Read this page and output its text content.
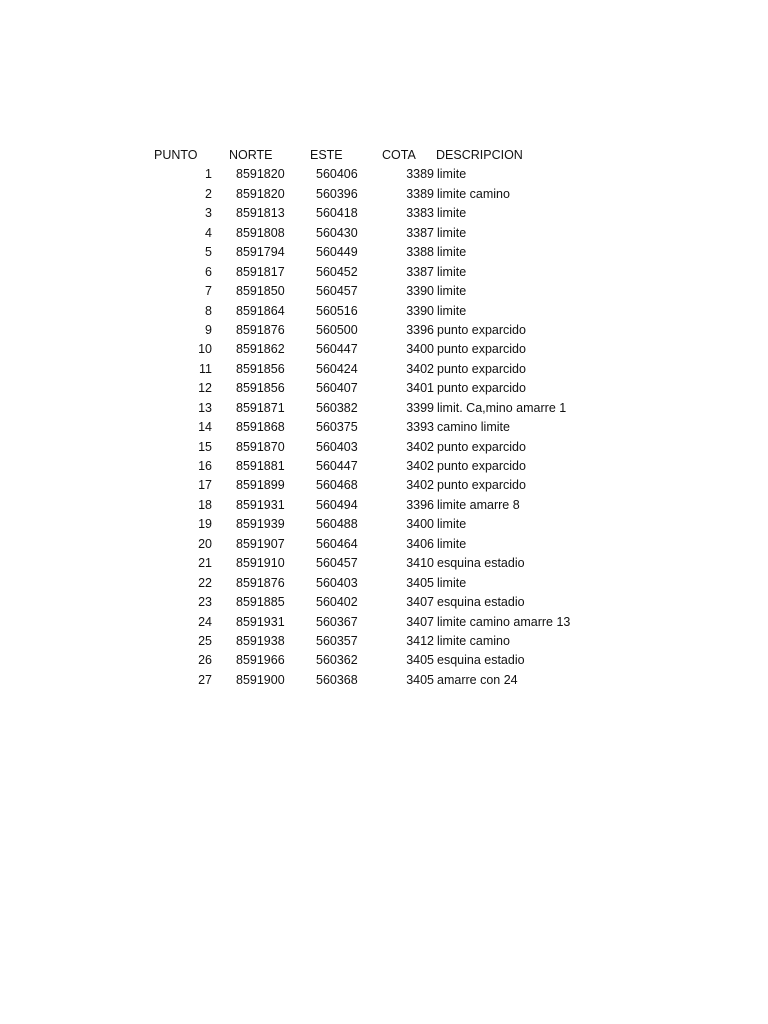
PUNTO	NORTE	ESTE	COTA DESCRIPCION
1 8591820	560406	3389 limite
2 8591820	560396	3389 limite camino
3 8591813	560418	3383 limite
4 8591808	560430	3387 limite
5 8591794	560449	3388 limite
6 8591817	560452	3387 limite
7 8591850	560457	3390 limite
8 8591864	560516	3390 limite
9 8591876	560500	3396 punto exparcido
10 8591862	560447	3400 punto exparcido
11 8591856	560424	3402 punto exparcido
12 8591856	560407	3401 punto exparcido
13 8591871	560382	3399 limit. Ca,mino amarre 1
14 8591868	560375	3393 camino limite
15 8591870	560403	3402 punto exparcido
16 8591881	560447	3402 punto exparcido
17 8591899	560468	3402 punto exparcido
18 8591931	560494	3396 limite amarre 8
19 8591939	560488	3400 limite
20 8591907	560464	3406 limite
21 8591910	560457	3410 esquina estadio
22 8591876	560403	3405 limite
23 8591885	560402	3407 esquina estadio
24 8591931	560367	3407 limite camino amarre 13
25 8591938	560357	3412 limite camino
26 8591966	560362	3405 esquina estadio
27 8591900	560368	3405 amarre con 24
